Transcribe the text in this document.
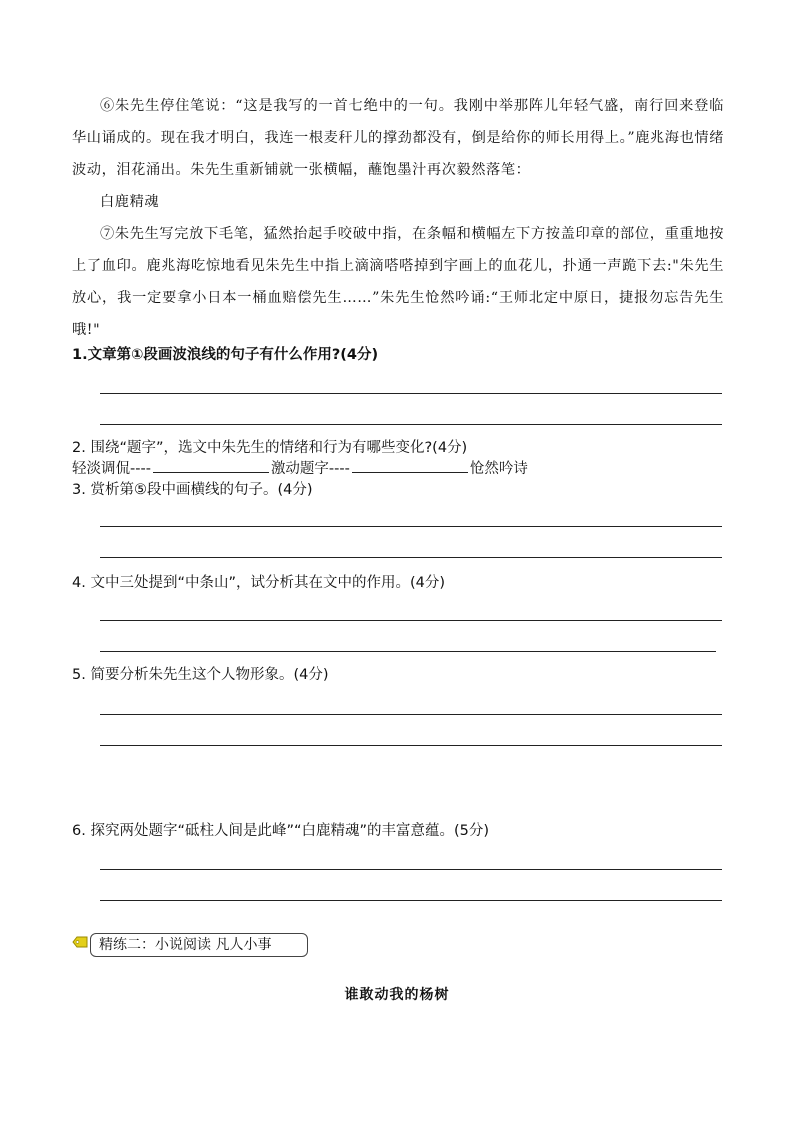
⑥朱先生停住笔说：“这是我写的一首七绝中的一句。我刚中举那阵儿年轻气盛，南行回来登临华山诵成的。现在我才明白，我连一根麦秆儿的撑劲都没有，倒是给你的师长用得上。”鹿兆海也情绪波动，泪花涌出。朱先生重新铺就一张横幅，蘸饱墨汁再次毅然落笔：
白鹿精魂
⑦朱先生写完放下毛笔，猛然抬起手咬破中指，在条幅和横幅左下方按盖印章的部位，重重地按上了血印。鹿兆海吃惊地看见朱先生中指上滴滴嗒嗒掉到宇画上的血花儿，扑通一声跪下去:"朱先生放心，我一定要拿小日本一桶血赔偿先生……”朱先生怆然吟诵:“王师北定中原日，捷报勿忘告先生哦!"
1.文章第①段画波浪线的句子有什么作用?(4分)
2. 围绕“题字”，选文中朱先生的情绪和行为有哪些变化?(4分)
轻淡调侃----	激动题字----	怆然吟诗
3. 赏析第⑤段中画横线的句子。(4分)
4. 文中三处提到“中条山”，试分析其在文中的作用。(4分)
5. 简要分析朱先生这个人物形象。(4分)
6. 探究两处题字“砥柱人间是此峰”“白鹿精魂”的丰富意蕴。(5分)
精练二：小说阅读 凡人小事
谁敢动我的杨树
